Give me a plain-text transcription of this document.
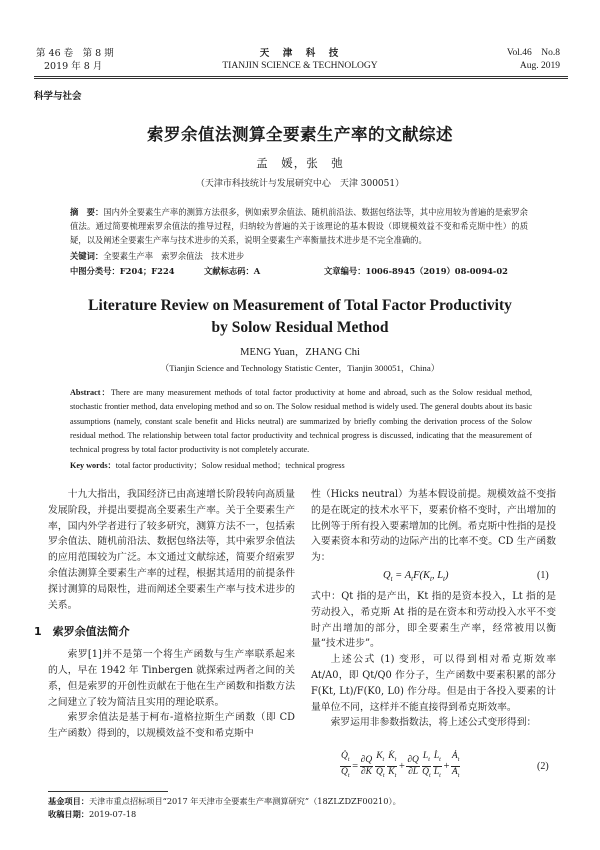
第 46 卷　第 8 期
2019 年 8 月
天　津　科　技
TIANJIN SCIENCE & TECHNOLOGY
Vol.46　No.8
Aug. 2019
科学与社会
索罗余值法测算全要素生产率的文献综述
孟　媛，张　弛
（天津市科技统计与发展研究中心　天津 300051）
摘　要：国内外全要素生产率的测算方法很多，例如索罗余值法、随机前沿法、数据包络法等，其中应用较为普遍的是索罗余值法。通过简要梳理索罗余值法的推导过程，归纳较为普遍的关于该理论的基本假设（即规模效益不变和希克斯中性）的质疑，以及阐述全要素生产率与技术进步的关系，说明全要素生产率衡量技术进步是不完全准确的。
关键词：全要素生产率　索罗余值法　技术进步
中图分类号：F204；F224	文献标志码：A	文章编号：1006-8945（2019）08-0094-02
Literature Review on Measurement of Total Factor Productivity
by Solow Residual Method
MENG Yuan，ZHANG Chi
（Tianjin Science and Technology Statistic Center，Tianjin 300051，China）
Abstract：There are many measurement methods of total factor productivity at home and abroad, such as the Solow residual method, stochastic frontier method, data enveloping method and so on. The Solow residual method is widely used. The general doubts about its basic assumptions (namely, constant scale benefit and Hicks neutral) are summarized by briefly combing the derivation process of the Solow residual method. The relationship between total factor productivity and technical progress is discussed, indicating that the measurement of technical progress by total factor productivity is not completely accurate.
Key words：total factor productivity；Solow residual method；technical progress

十九大指出，我国经济已由高速增长阶段转向高质量发展阶段，并提出要提高全要素生产率。关于全要素生产率，国内外学者进行了较多研究，测算方法不一，包括索罗余值法、随机前沿法、数据包络法等，其中索罗余值法的应用范围较为广泛。本文通过文献综述，简要介绍索罗余值法测算全要素生产率的过程，根据其适用的前提条件探讨测算的局限性，进而阐述全要素生产率与技术进步的关系。

1　索罗余值法简介

索罗[1]并不是第一个将生产函数与生产率联系起来的人，早在 1942 年 Tinbergen 就探索过两者之间的关系，但是索罗的开创性贡献在于他在生产函数和指数方法之间建立了较为简洁且实用的理论联系。

索罗余值法是基于柯布-道格拉斯生产函数（即 CD 生产函数）得到的，以规模效益不变和希克斯中

性（Hicks neutral）为基本假设前提。规模效益不变指的是在既定的技术水平下，要素价格不变时，产出增加的比例等于所有投入要素增加的比例。希克斯中性指的是投入要素资本和劳动的边际产出的比率不变。CD 生产函数为：

$Q_t = A_tF(K_t$, $L_t$)	(1)

式中：Qt 指的是产出，Kt 指的是资本投入，Lt 指的是劳动投入，希克斯 At 指的是在资本和劳动投入水平不变时产出增加的部分，即全要素生产率，经常被用以衡量“技术进步”。

上述公式 (1) 变形，可以得到相对希克斯效率 At/A0，即 Qt/Q0 作分子，生产函数中要素积累的部分 F(Kt, Lt)/F(K0, L0) 作分母。但是由于各投入要素的计量单位不同，这样并不能直接得到希克斯效率。

索罗运用非参数指数法，将上述公式变形得到：

$\frac{Q̇_t}{Q_t} = \frac{\partial Q}{\partial K} \frac{K_t}{Q_t} \frac{K̇_t}{K_t} + \frac{\partial Q}{\partial L} \frac{L_t}{Q_t} \frac{L̇_t}{L_t} + \frac{Ȧ_t}{A_t}$	(2)
基金项目：天津市重点招标项目“2017 年天津市全要素生产率测算研究”（18ZLZDZF00210）。
收稿日期：2019-07-18
